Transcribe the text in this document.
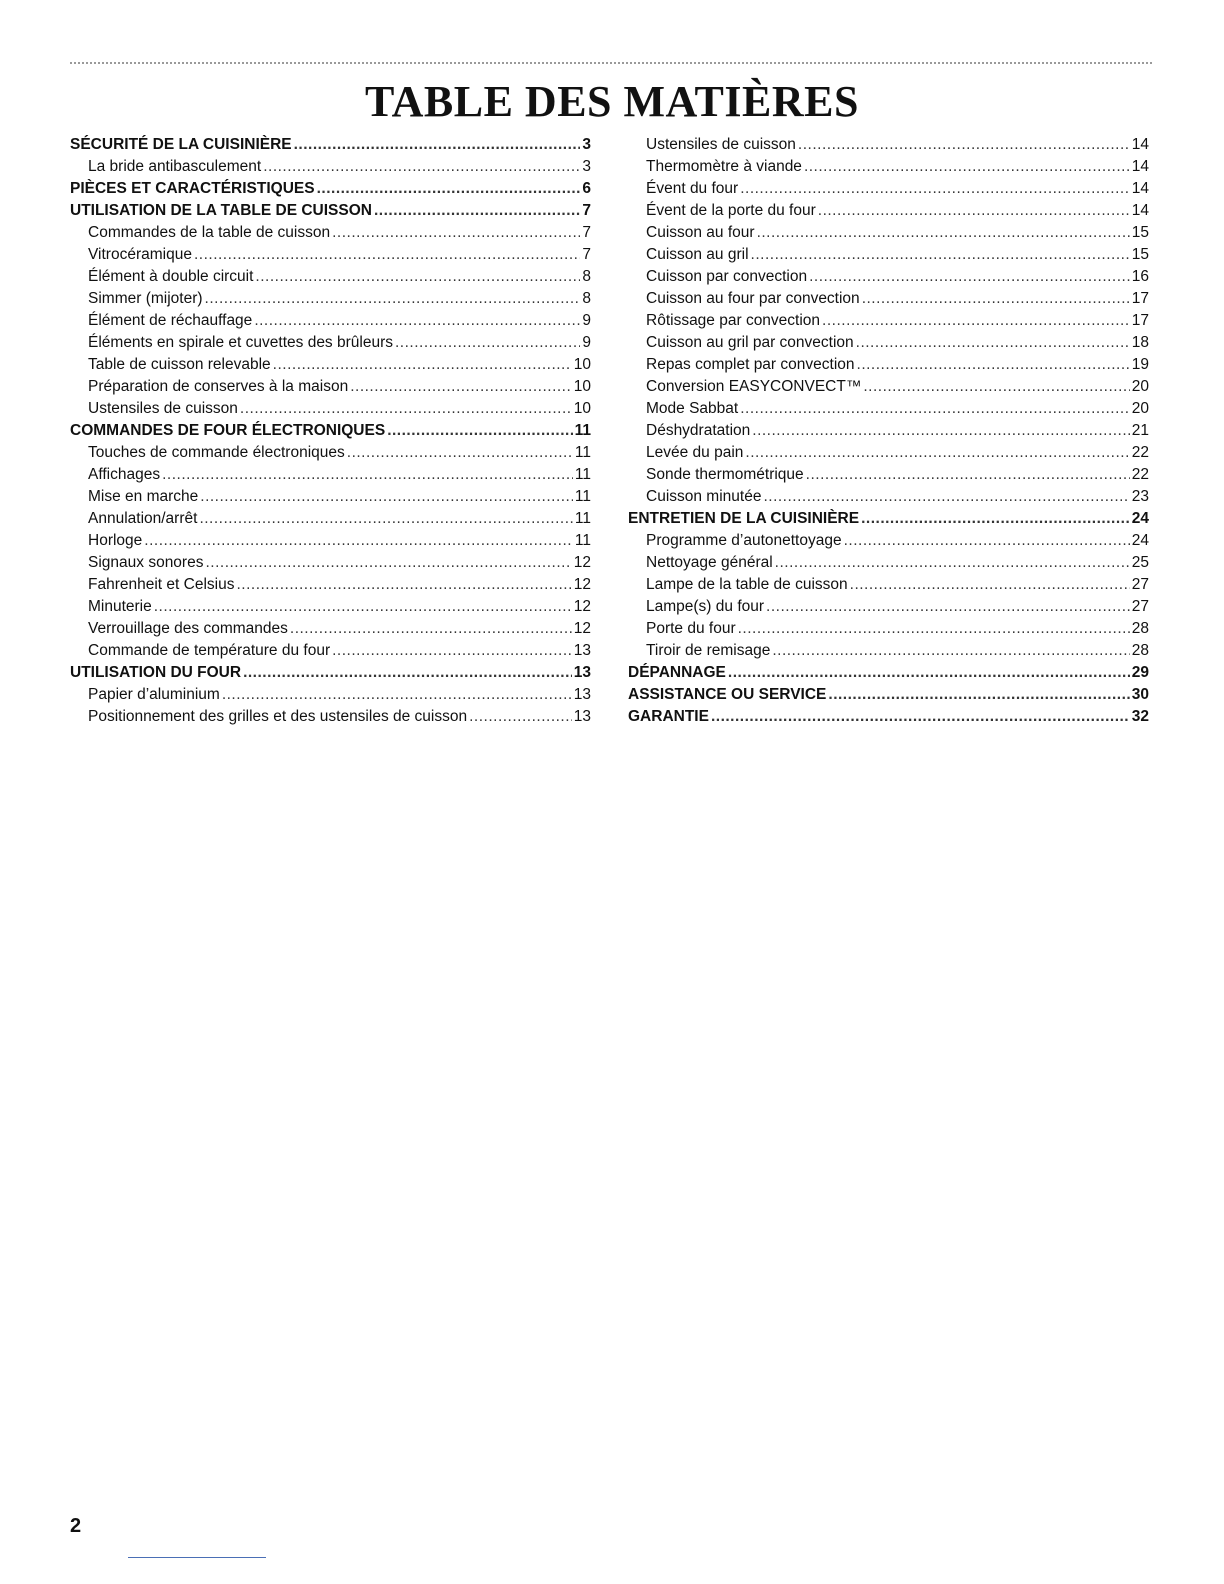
TABLE DES MATIÈRES
SÉCURITÉ DE LA CUISINIÈRE .....	3
La bride antibasculement .....	3
PIÈCES ET CARACTÉRISTIQUES .....	6
UTILISATION DE LA TABLE DE CUISSON .....	7
Commandes de la table de cuisson .....	7
Vitrocéramique .....	7
Élément à double circuit .....	8
Simmer (mijoter) .....	8
Élément de réchauffage .....	9
Éléments en spirale et cuvettes des brûleurs .....	9
Table de cuisson relevable .....	10
Préparation de conserves à la maison .....	10
Ustensiles de cuisson .....	10
COMMANDES DE FOUR ÉLECTRONIQUES .....	11
Touches de commande électroniques .....	11
Affichages .....	11
Mise en marche .....	11
Annulation/arrêt .....	11
Horloge .....	11
Signaux sonores .....	12
Fahrenheit et Celsius .....	12
Minuterie .....	12
Verrouillage des commandes .....	12
Commande de température du four .....	13
UTILISATION DU FOUR .....	13
Papier d’aluminium .....	13
Positionnement des grilles et des ustensiles de cuisson .....	13
Ustensiles de cuisson .....	14
Thermomètre à viande .....	14
Évent du four .....	14
Évent de la porte du four .....	14
Cuisson au four .....	15
Cuisson au gril .....	15
Cuisson par convection .....	16
Cuisson au four par convection .....	17
Rôtissage par convection .....	17
Cuisson au gril par convection .....	18
Repas complet par convection .....	19
Conversion EASYCONVECT™ .....	20
Mode Sabbat .....	20
Déshydratation .....	21
Levée du pain .....	22
Sonde thermométrique .....	22
Cuisson minutée .....	23
ENTRETIEN DE LA CUISINIÈRE .....	24
Programme d’autonettoyage .....	24
Nettoyage général .....	25
Lampe de la table de cuisson .....	27
Lampe(s) du four .....	27
Porte du four .....	28
Tiroir de remisage .....	28
DÉPANNAGE .....	29
ASSISTANCE OU SERVICE .....	30
GARANTIE .....	32
2
